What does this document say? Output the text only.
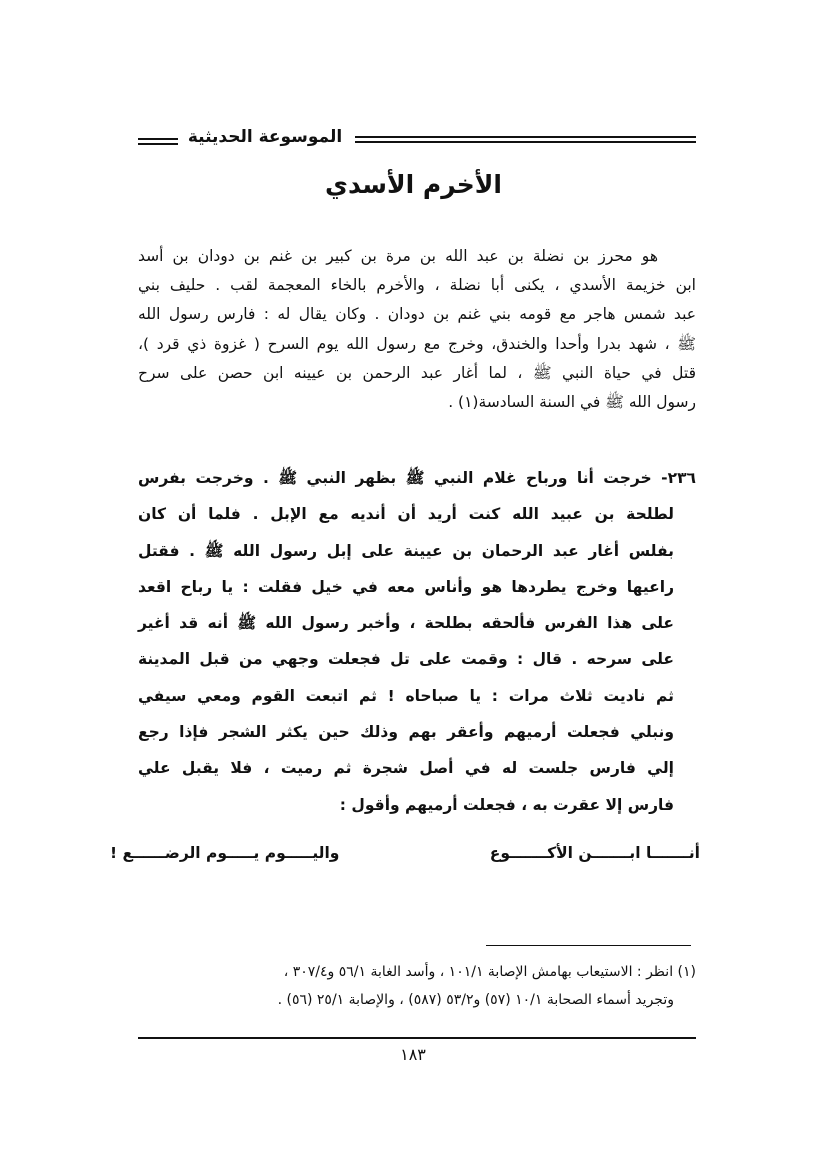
الموسوعة الحديثية
الأخرم الأسدي
هو محرز بن نضلة بن عبد الله بن مرة بن كبير بن غنم بن دودان بن أسد
ابن خزيمة الأسدي ، يكنى أبا نضلة ، والأخرم بالخاء المعجمة لقب . حليف بني
عبد شمس هاجر مع قومه بني غنم بن دودان . وكان يقال له : فارس رسول الله
ﷺ ، شهد بدرا وأحدا والخندق، وخرج مع رسول الله يوم السرح ( غزوة ذي قرد )،
قتل في حياة النبي ﷺ ، لما أغار عبد الرحمن بن عيينه ابن حصن على سرح
رسول الله ﷺ في السنة السادسة(١) .
٢٣٦- خرجت أنا ورباح غلام النبي ﷺ بظهر النبي ﷺ . وخرجت بفرس
لطلحة بن عبيد الله كنت أريد أن أنديه مع الإبل . فلما أن كان
بفلس أغار عبد الرحمان بن عيينة على إبل رسول الله ﷺ . فقتل
راعيها وخرج يطردها هو وأناس معه في خيل فقلت : يا رباح اقعد
على هذا الفرس فألحقه بطلحة ، وأخبر رسول الله ﷺ أنه قد أغير
على سرحه . قال : وقمت على تل فجعلت وجهي من قبل المدينة
ثم ناديت ثلاث مرات : يا صباحاه ! ثم اتبعت القوم ومعي سيفي
ونبلي فجعلت أرميهم وأعقر بهم وذلك حين يكثر الشجر فإذا رجع
إلي فارس جلست له في أصل شجرة ثم رميت ، فلا يقبل علي
فارس إلا عقرت به ، فجعلت أرميهم وأقول :
أنـــــــا ابـــــــن الأكـــــــوع
واليـــــوم يـــــوم الرضــــــع !
(١) انظر : الاستيعاب بهامش الإصابة ١٠١/١ ، وأسد الغابة ٥٦/١ و٣٠٧/٤ ،
وتجريد أسماء الصحابة ١٠/١ (٥٧) و٥٣/٢ (٥٨٧) ، والإصابة ٢٥/١ (٥٦) .
١٨٣
